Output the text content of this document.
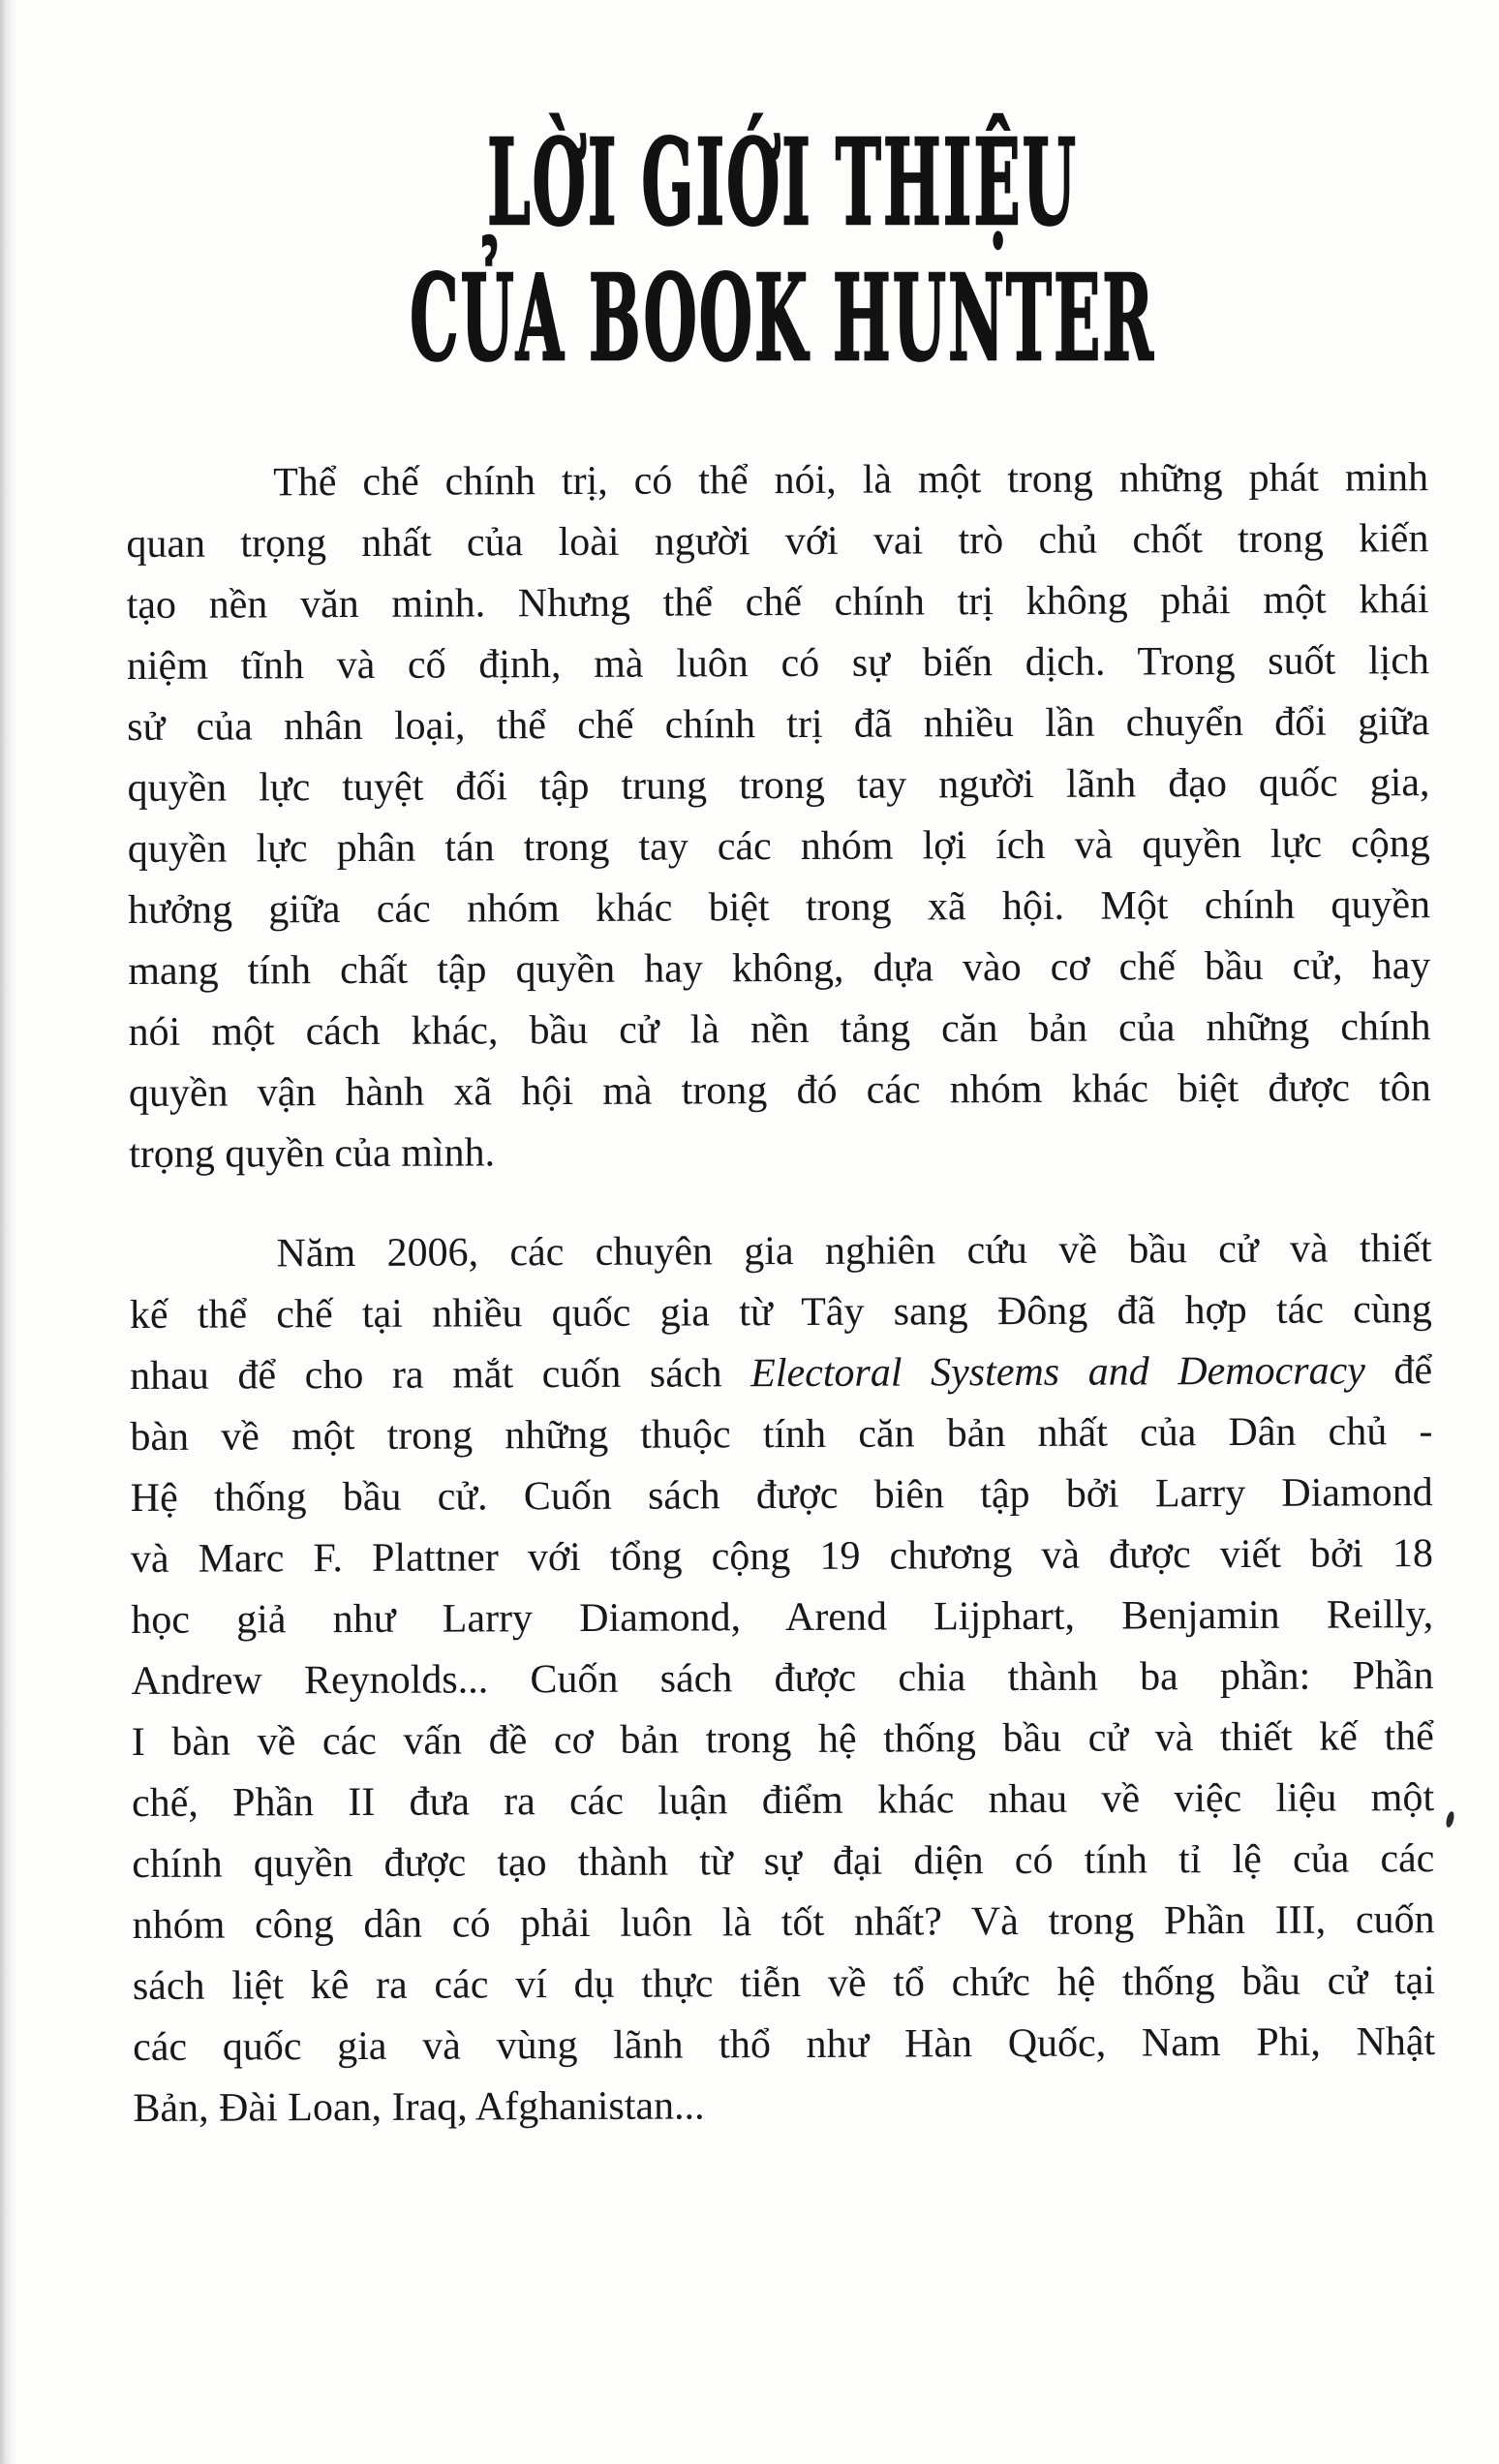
LỜI GIỚI THIỆU
CỦA BOOK HUNTER
Thể chế chính trị, có thể nói, là một trong những phát minh
quan trọng nhất của loài người với vai trò chủ chốt trong kiến
tạo nền văn minh. Nhưng thể chế chính trị không phải một khái
niệm tĩnh và cố định, mà luôn có sự biến dịch. Trong suốt lịch
sử của nhân loại, thể chế chính trị đã nhiều lần chuyển đổi giữa
quyền lực tuyệt đối tập trung trong tay người lãnh đạo quốc gia,
quyền lực phân tán trong tay các nhóm lợi ích và quyền lực cộng
hưởng giữa các nhóm khác biệt trong xã hội. Một chính quyền
mang tính chất tập quyền hay không, dựa vào cơ chế bầu cử, hay
nói một cách khác, bầu cử là nền tảng căn bản của những chính
quyền vận hành xã hội mà trong đó các nhóm khác biệt được tôn
trọng quyền của mình.
Năm 2006, các chuyên gia nghiên cứu về bầu cử và thiết
kế thể chế tại nhiều quốc gia từ Tây sang Đông đã hợp tác cùng
nhau để cho ra mắt cuốn sách Electoral Systems and Democracy để
bàn về một trong những thuộc tính căn bản nhất của Dân chủ -
Hệ thống bầu cử. Cuốn sách được biên tập bởi Larry Diamond
và Marc F. Plattner với tổng cộng 19 chương và được viết bởi 18
học giả như Larry Diamond, Arend Lijphart, Benjamin Reilly,
Andrew Reynolds... Cuốn sách được chia thành ba phần: Phần
I bàn về các vấn đề cơ bản trong hệ thống bầu cử và thiết kế thể
chế, Phần II đưa ra các luận điểm khác nhau về việc liệu một
chính quyền được tạo thành từ sự đại diện có tính tỉ lệ của các
nhóm công dân có phải luôn là tốt nhất? Và trong Phần III, cuốn
sách liệt kê ra các ví dụ thực tiễn về tổ chức hệ thống bầu cử tại
các quốc gia và vùng lãnh thổ như Hàn Quốc, Nam Phi, Nhật
Bản, Đài Loan, Iraq, Afghanistan...
